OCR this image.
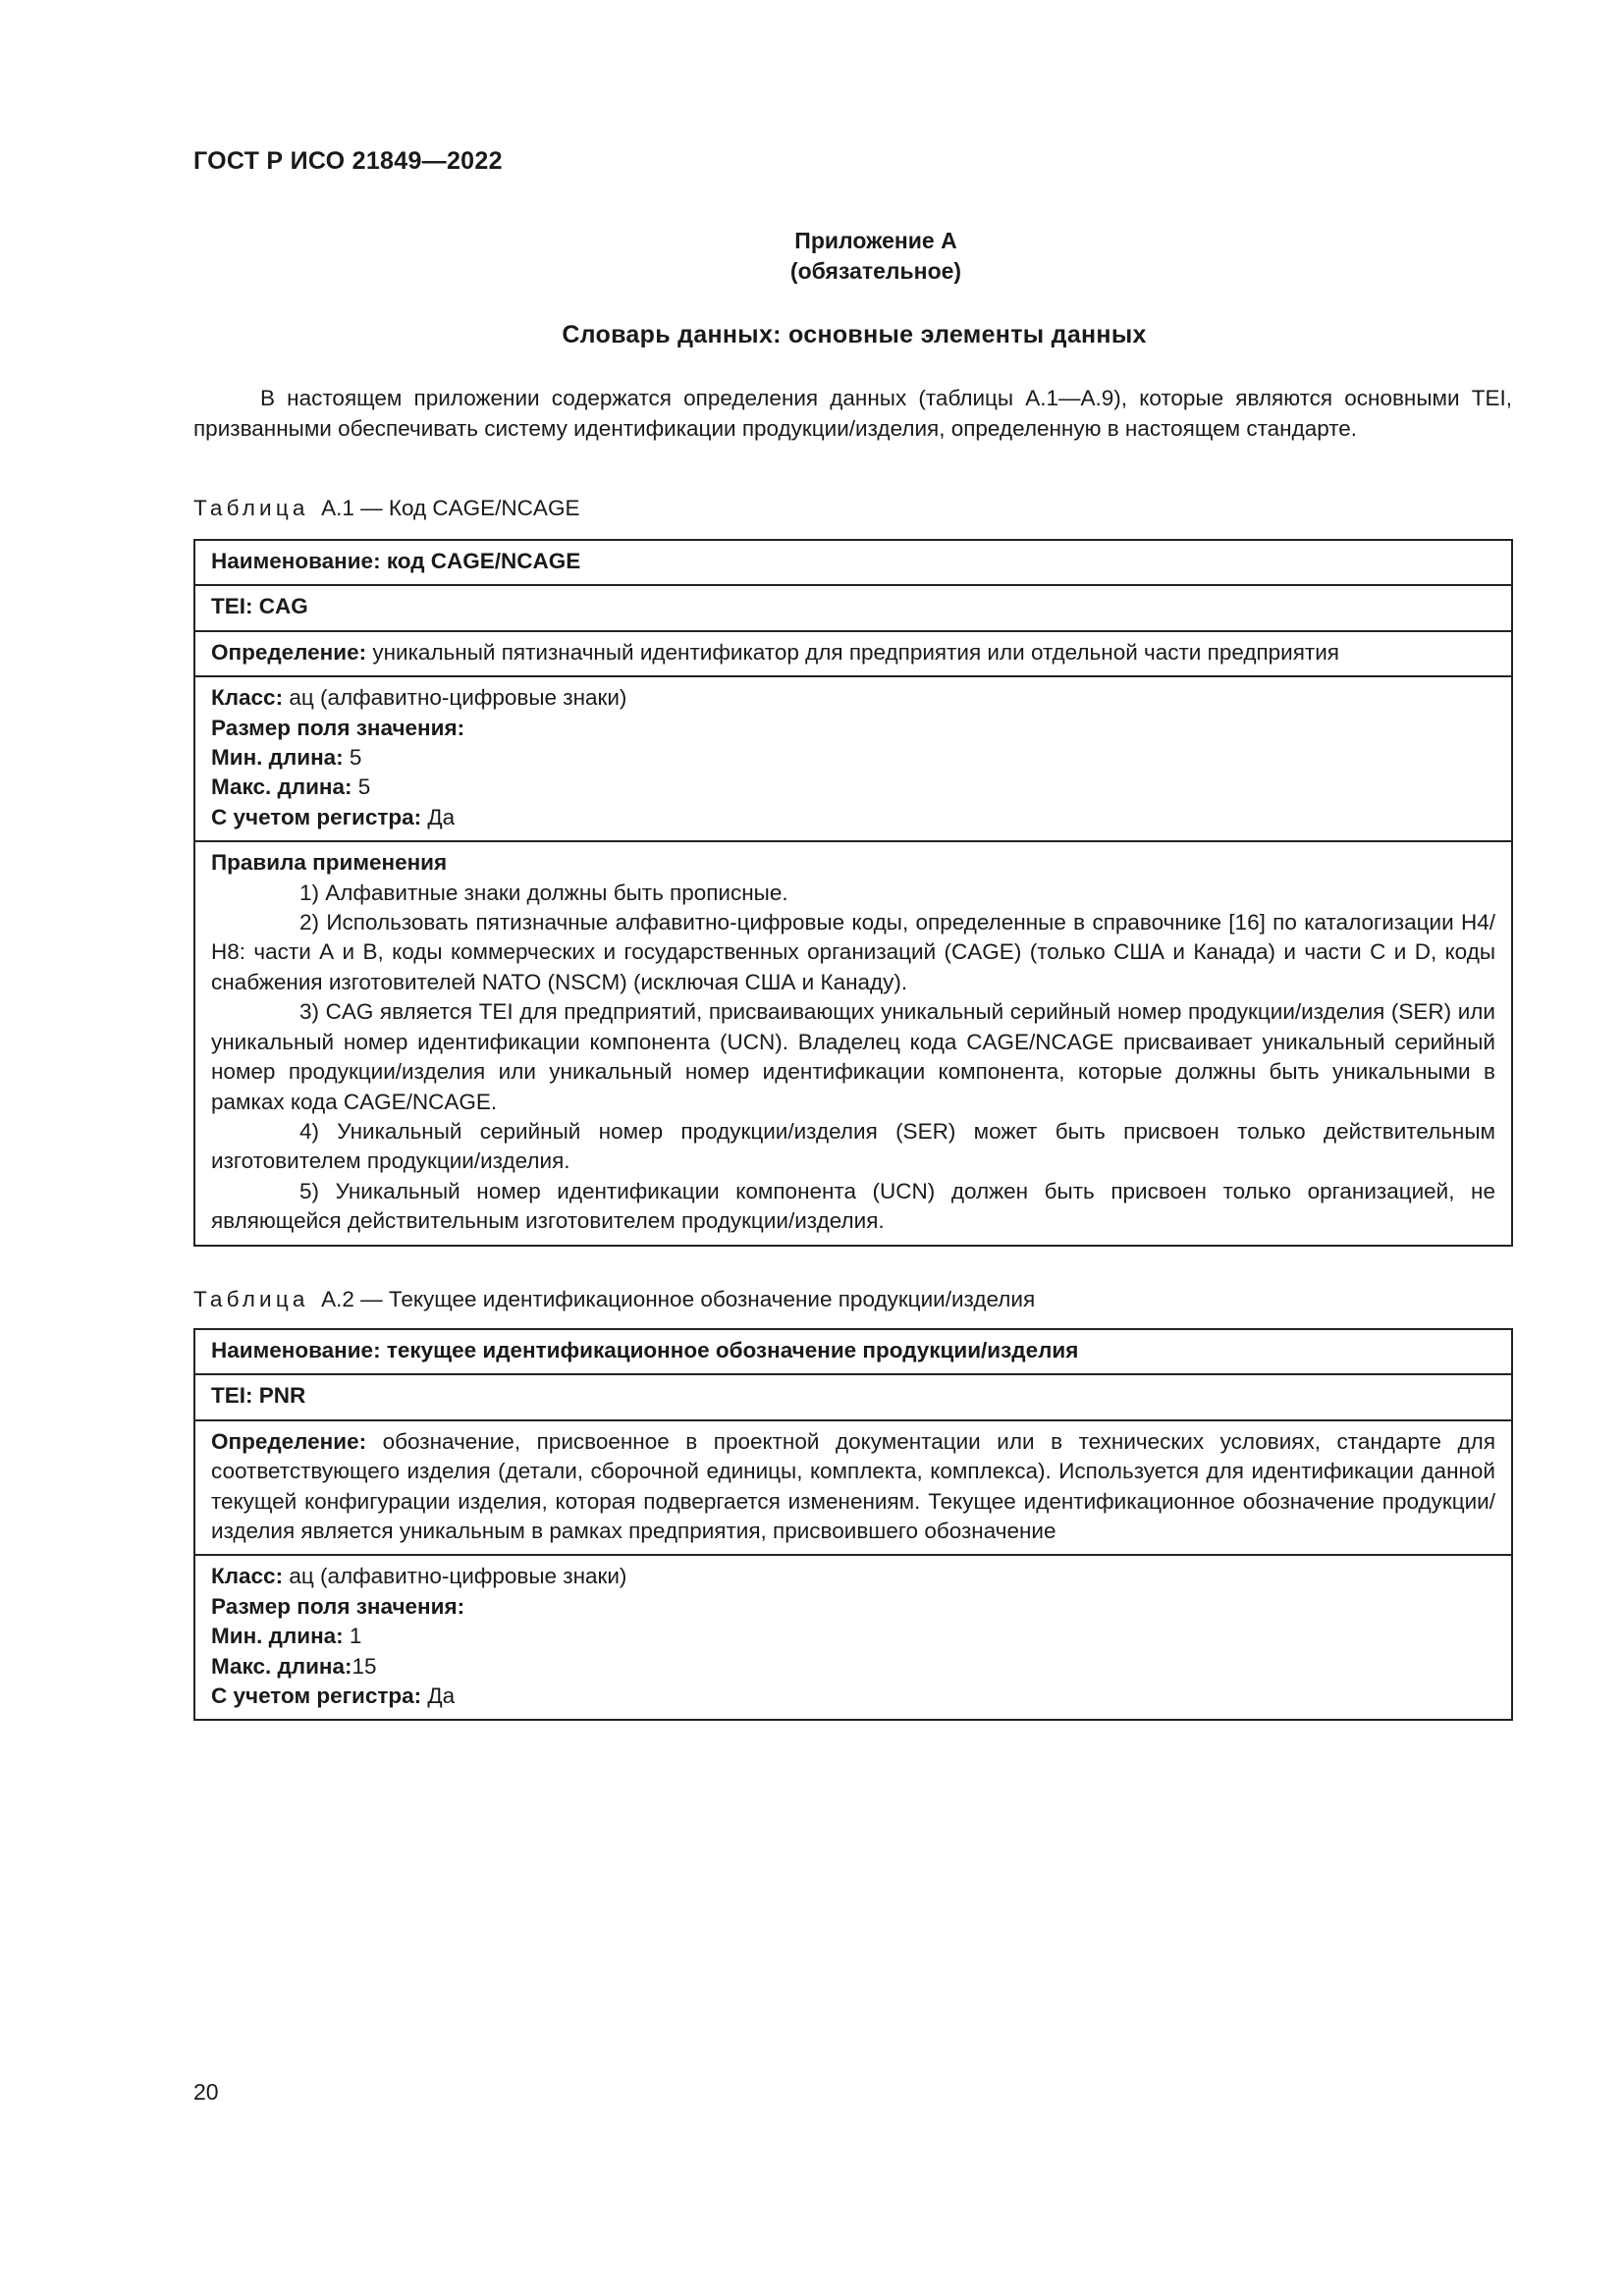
ГОСТ Р ИСО 21849—2022
Приложение А
(обязательное)
Словарь данных: основные элементы данных

В настоящем приложении содержатся определения данных (таблицы А.1—А.9), которые являются основными TEI, призванными обеспечивать систему идентификации продукции/изделия, определенную в настоящем стандарте.

Таблица А.1 — Код CAGE/NCAGE
Наименование: код CAGE/NCAGE
TEI: CAG
Определение: уникальный пятизначный идентификатор для предприятия или отдельной части предприятия

Класс: ац (алфавитно-цифровые знаки)
Размер поля значения:
Мин. длина: 5
Макс. длина: 5
С учетом регистра: Да

Правила применения
1) Алфавитные знаки должны быть прописные.
2) Использовать пятизначные алфавитно-цифровые коды, определенные в справочнике [16] по каталогизации Н4/Н8: части А и В, коды коммерческих и государственных организаций (CAGE) (только США и Канада) и части С и D, коды снабжения изготовителей NATO (NSCM) (исключая США и Канаду).
3) CAG является TEI для предприятий, присваивающих уникальный серийный номер продукции/изделия (SER) или уникальный номер идентификации компонента (UCN). Владелец кода CAGE/NCAGE присваивает уникальный серийный номер продукции/изделия или уникальный номер идентификации компонента, которые должны быть уникальными в рамках кода CAGE/NCAGE.
4) Уникальный серийный номер продукции/изделия (SER) может быть присвоен только действительным изготовителем продукции/изделия.
5) Уникальный номер идентификации компонента (UCN) должен быть присвоен только организацией, не являющейся действительным изготовителем продукции/изделия.
Таблица А.2 — Текущее идентификационное обозначение продукции/изделия
Наименование: текущее идентификационное обозначение продукции/изделия
TEI: PNR
Определение: обозначение, присвоенное в проектной документации или в технических условиях, стандарте для соответствующего изделия (детали, сборочной единицы, комплекта, комплекса). Используется для идентификации данной текущей конфигурации изделия, которая подвергается изменениям. Текущее идентификационное обозначение продукции/изделия является уникальным в рамках предприятия, присвоившего обозначение

Класс: ац (алфавитно-цифровые знаки)
Размер поля значения:
Мин. длина: 1
Макс. длина:15
С учетом регистра: Да
20
